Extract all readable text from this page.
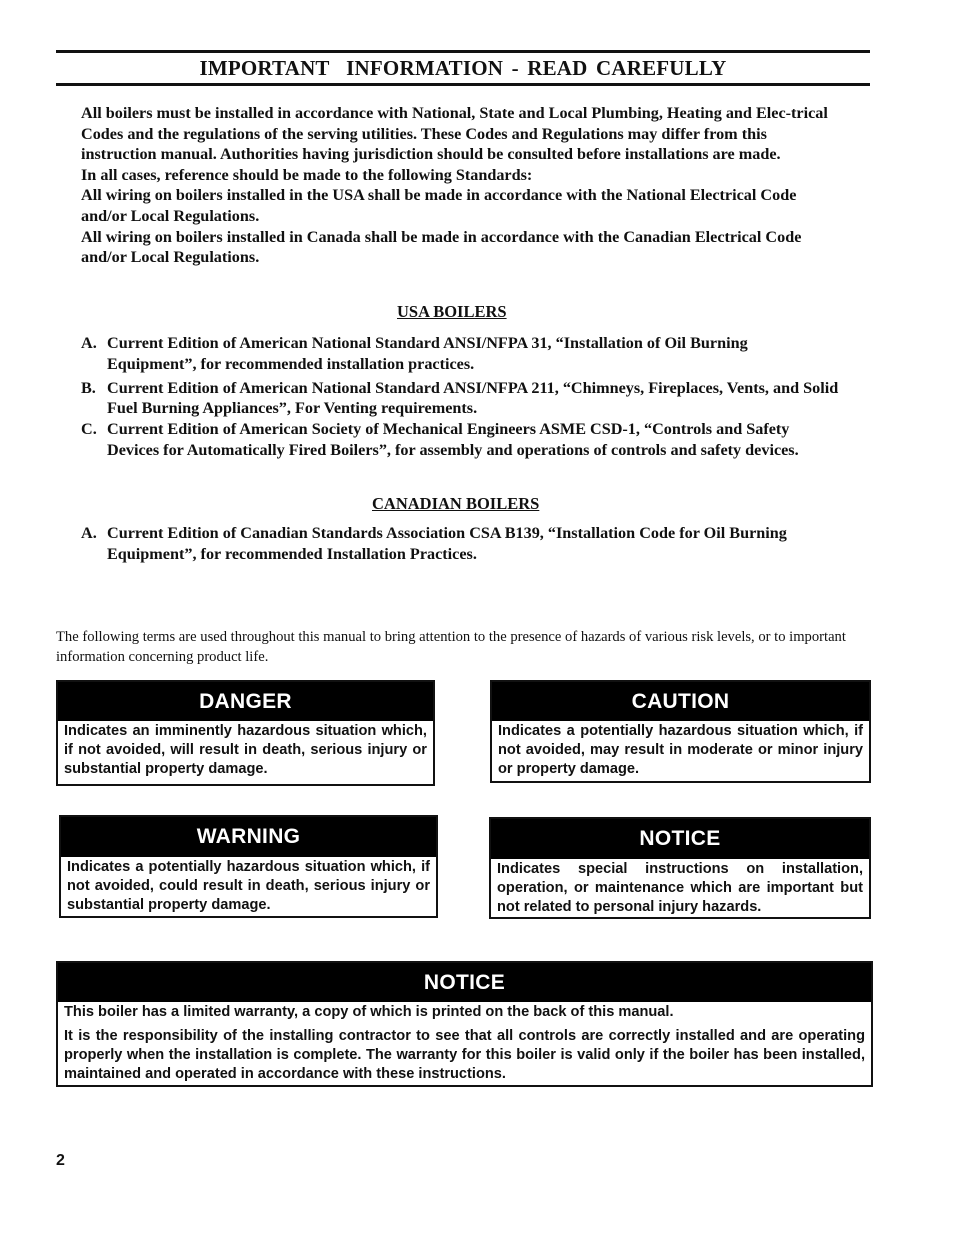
IMPORTANT  INFORMATION - READ CAREFULLY

All boilers must be installed in accordance with National, State and Local Plumbing, Heating and Elec-trical Codes and the regulations of the serving utilities. These Codes and Regulations may differ from this instruction manual. Authorities having jurisdiction should be consulted before installations are made.

In all cases, reference should be made to the following Standards:

All wiring on boilers installed in the USA shall be made in accordance with the National Electrical Code and/or Local Regulations.

All wiring on boilers installed in Canada shall be made in accordance with the Canadian Electrical Code and/or Local Regulations.

USA BOILERS
A. Current Edition of American National Standard ANSI/NFPA 31, “Installation of Oil Burning Equipment”, for recommended installation practices.
B. Current Edition of American National Standard ANSI/NFPA 211, “Chimneys, Fireplaces, Vents, and Solid Fuel Burning Appliances”, For Venting requirements.
C. Current Edition of American Society of Mechanical Engineers ASME CSD-1, “Controls and Safety Devices for Automatically Fired Boilers”, for assembly and operations of controls and safety devices.
CANADIAN BOILERS
A. Current Edition of Canadian Standards Association CSA B139, “Installation Code for Oil Burning Equipment”, for recommended Installation Practices.
The following terms are used throughout this manual to bring attention to the presence of hazards of various risk levels, or to important information concerning product life.
DANGER
Indicates an imminently hazardous situation which, if not avoided, will result in death, serious injury or substantial property damage.
CAUTION
Indicates a potentially hazardous situation which, if not avoided, may result in moderate or minor injury or property damage.
WARNING
Indicates a potentially hazardous situation which, if not avoided, could result in death, serious injury or substantial property damage.
NOTICE
Indicates special instructions on installation, operation, or maintenance which are important but not related to personal injury hazards.
NOTICE

This boiler has a limited warranty, a copy of which is printed on the back of this manual.

It is the responsibility of the installing contractor to see that all controls are correctly installed and are operating properly when the installation is complete. The warranty for this boiler is valid only if the boiler has been installed, maintained and operated in accordance with these instructions.

2
